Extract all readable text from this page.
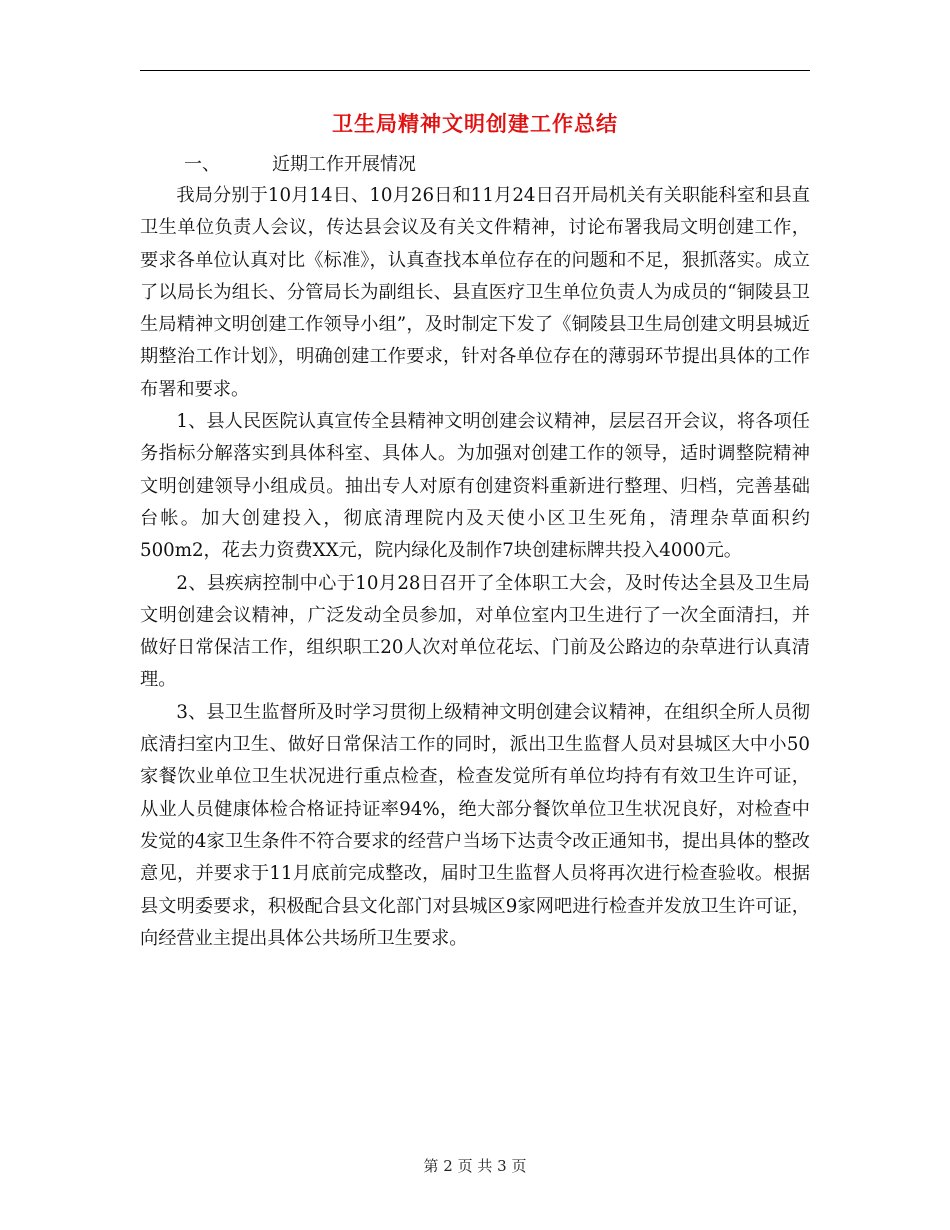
卫生局精神文明创建工作总结

一、	近期工作开展情况

我局分别于10月14日、10月26日和11月24日召开局机关有关职能科室和县直卫生单位负责人会议，传达县会议及有关文件精神，讨论布署我局文明创建工作，要求各单位认真对比《标准》，认真查找本单位存在的问题和不足，狠抓落实。成立了以局长为组长、分管局长为副组长、县直医疗卫生单位负责人为成员的“铜陵县卫生局精神文明创建工作领导小组”，及时制定下发了《铜陵县卫生局创建文明县城近期整治工作计划》，明确创建工作要求，针对各单位存在的薄弱环节提出具体的工作布署和要求。

1、县人民医院认真宣传全县精神文明创建会议精神，层层召开会议，将各项任务指标分解落实到具体科室、具体人。为加强对创建工作的领导，适时调整院精神文明创建领导小组成员。抽出专人对原有创建资料重新进行整理、归档，完善基础台帐。加大创建投入，彻底清理院内及天使小区卫生死角，清理杂草面积约500m2，花去力资费XX元，院内绿化及制作7块创建标牌共投入4000元。

2、县疾病控制中心于10月28日召开了全体职工大会，及时传达全县及卫生局文明创建会议精神，广泛发动全员参加，对单位室内卫生进行了一次全面清扫，并做好日常保洁工作，组织职工20人次对单位花坛、门前及公路边的杂草进行认真清理。

3、县卫生监督所及时学习贯彻上级精神文明创建会议精神，在组织全所人员彻底清扫室内卫生、做好日常保洁工作的同时，派出卫生监督人员对县城区大中小50家餐饮业单位卫生状况进行重点检查，检查发觉所有单位均持有有效卫生许可证，从业人员健康体检合格证持证率94%，绝大部分餐饮单位卫生状况良好，对检查中发觉的4家卫生条件不符合要求的经营户当场下达责令改正通知书，提出具体的整改意见，并要求于11月底前完成整改，届时卫生监督人员将再次进行检查验收。根据县文明委要求，积极配合县文化部门对县城区9家网吧进行检查并发放卫生许可证，向经营业主提出具体公共场所卫生要求。

第 2 页 共 3 页
